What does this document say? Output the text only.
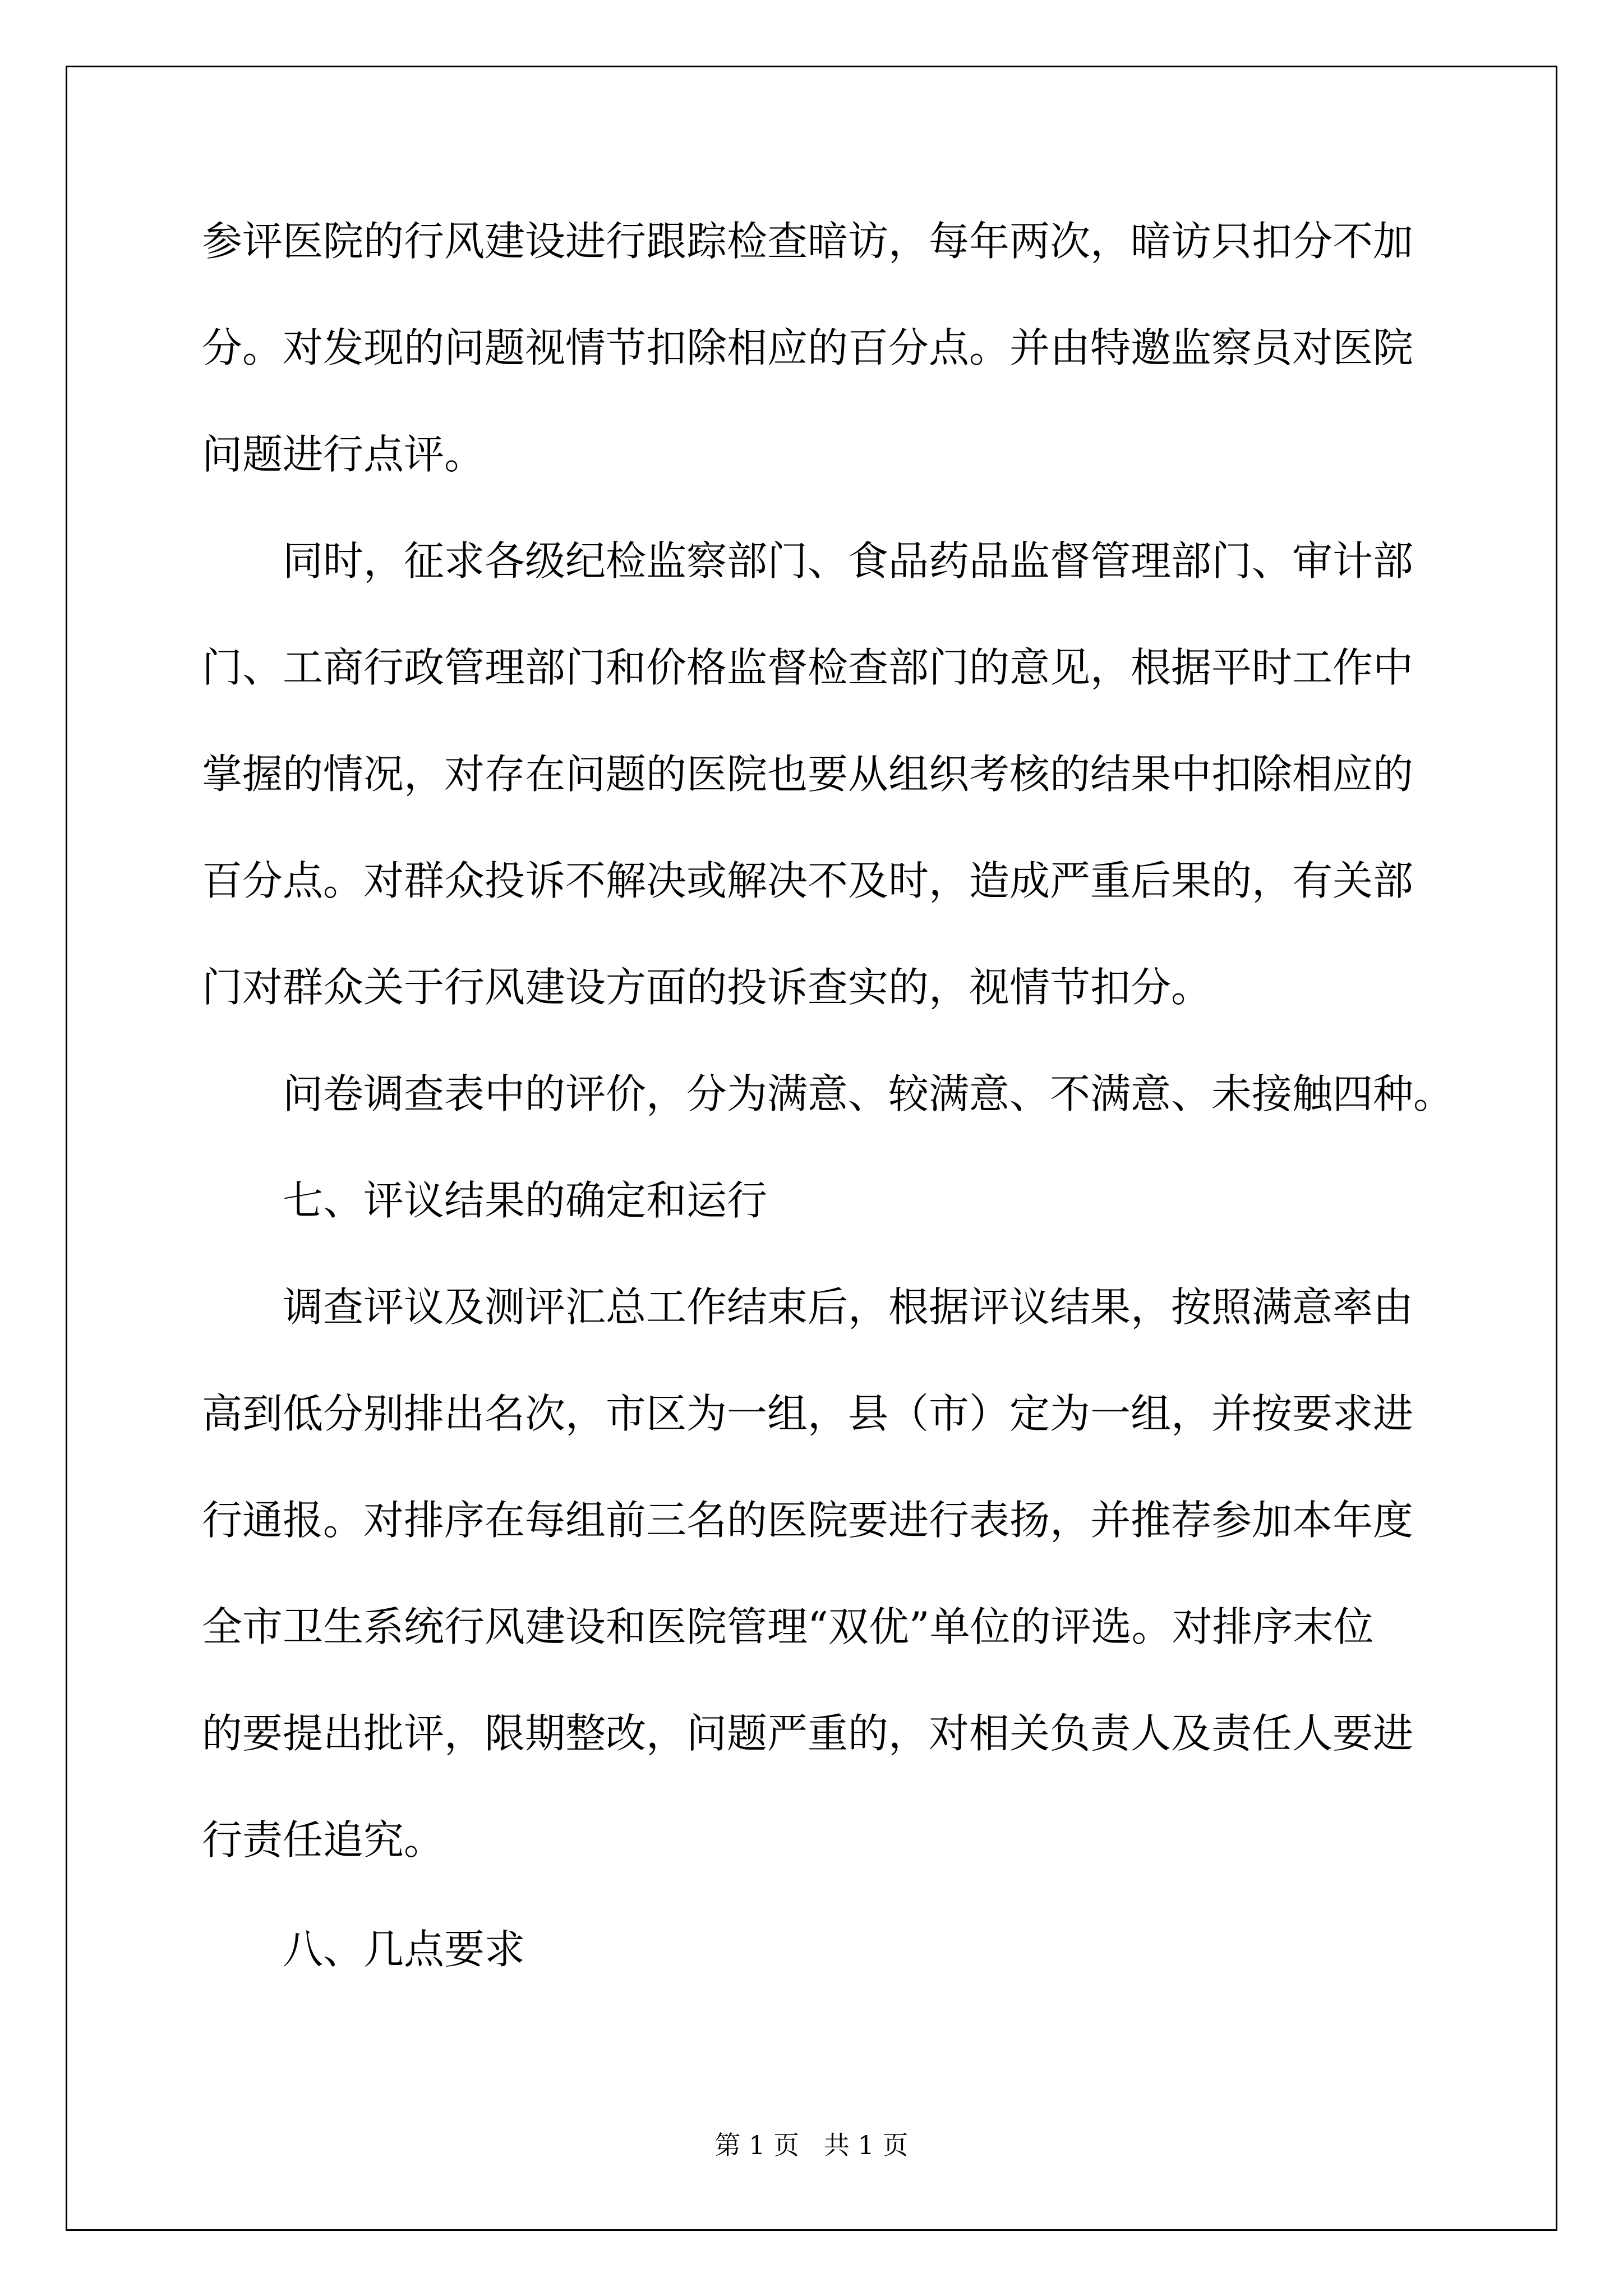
参评医院的行风建设进行跟踪检查暗访，每年两次，暗访只扣分不加
分。对发现的问题视情节扣除相应的百分点。并由特邀监察员对医院
问题进行点评。
同时，征求各级纪检监察部门、食品药品监督管理部门、审计部
门、工商行政管理部门和价格监督检查部门的意见，根据平时工作中
掌握的情况，对存在问题的医院也要从组织考核的结果中扣除相应的
百分点。对群众投诉不解决或解决不及时，造成严重后果的，有关部
门对群众关于行风建设方面的投诉查实的，视情节扣分。
问卷调查表中的评价，分为满意、较满意、不满意、未接触四种。
七、评议结果的确定和运行
调查评议及测评汇总工作结束后，根据评议结果，按照满意率由
高到低分别排出名次，市区为一组，县（市）定为一组，并按要求进
行通报。对排序在每组前三名的医院要进行表扬，并推荐参加本年度
全市卫生系统行风建设和医院管理“双优”单位的评选。对排序末位
的要提出批评，限期整改，问题严重的，对相关负责人及责任人要进
行责任追究。
八、几点要求
第 1 页   共 1 页
